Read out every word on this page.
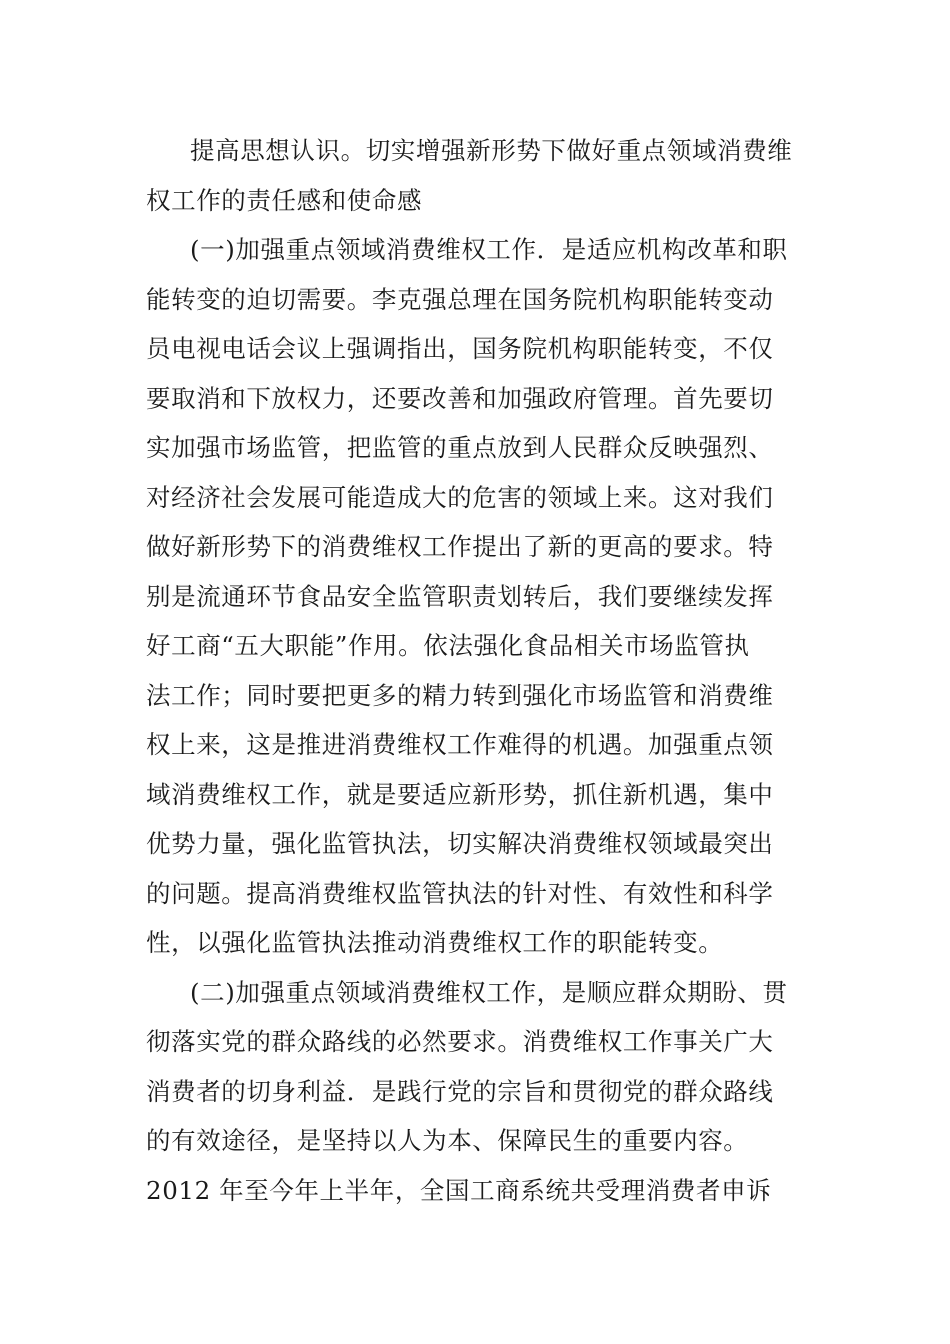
提高思想认识。切实增强新形势下做好重点领域消费维
权工作的责任感和使命感
(一)加强重点领域消费维权工作．是适应机构改革和职
能转变的迫切需要。李克强总理在国务院机构职能转变动
员电视电话会议上强调指出，国务院机构职能转变，不仅
要取消和下放权力，还要改善和加强政府管理。首先要切
实加强市场监管，把监管的重点放到人民群众反映强烈、
对经济社会发展可能造成大的危害的领域上来。这对我们
做好新形势下的消费维权工作提出了新的更高的要求。特
别是流通环节食品安全监管职责划转后，我们要继续发挥
好工商“五大职能”作用。依法强化食品相关市场监管执
法工作；同时要把更多的精力转到强化市场监管和消费维
权上来，这是推进消费维权工作难得的机遇。加强重点领
域消费维权工作，就是要适应新形势，抓住新机遇，集中
优势力量，强化监管执法，切实解决消费维权领域最突出
的问题。提高消费维权监管执法的针对性、有效性和科学
性，以强化监管执法推动消费维权工作的职能转变。
(二)加强重点领域消费维权工作，是顺应群众期盼、贯
彻落实党的群众路线的必然要求。消费维权工作事关广大
消费者的切身利益．是践行党的宗旨和贯彻党的群众路线
的有效途径，是坚持以人为本、保障民生的重要内容。
2012 年至今年上半年，全国工商系统共受理消费者申诉
